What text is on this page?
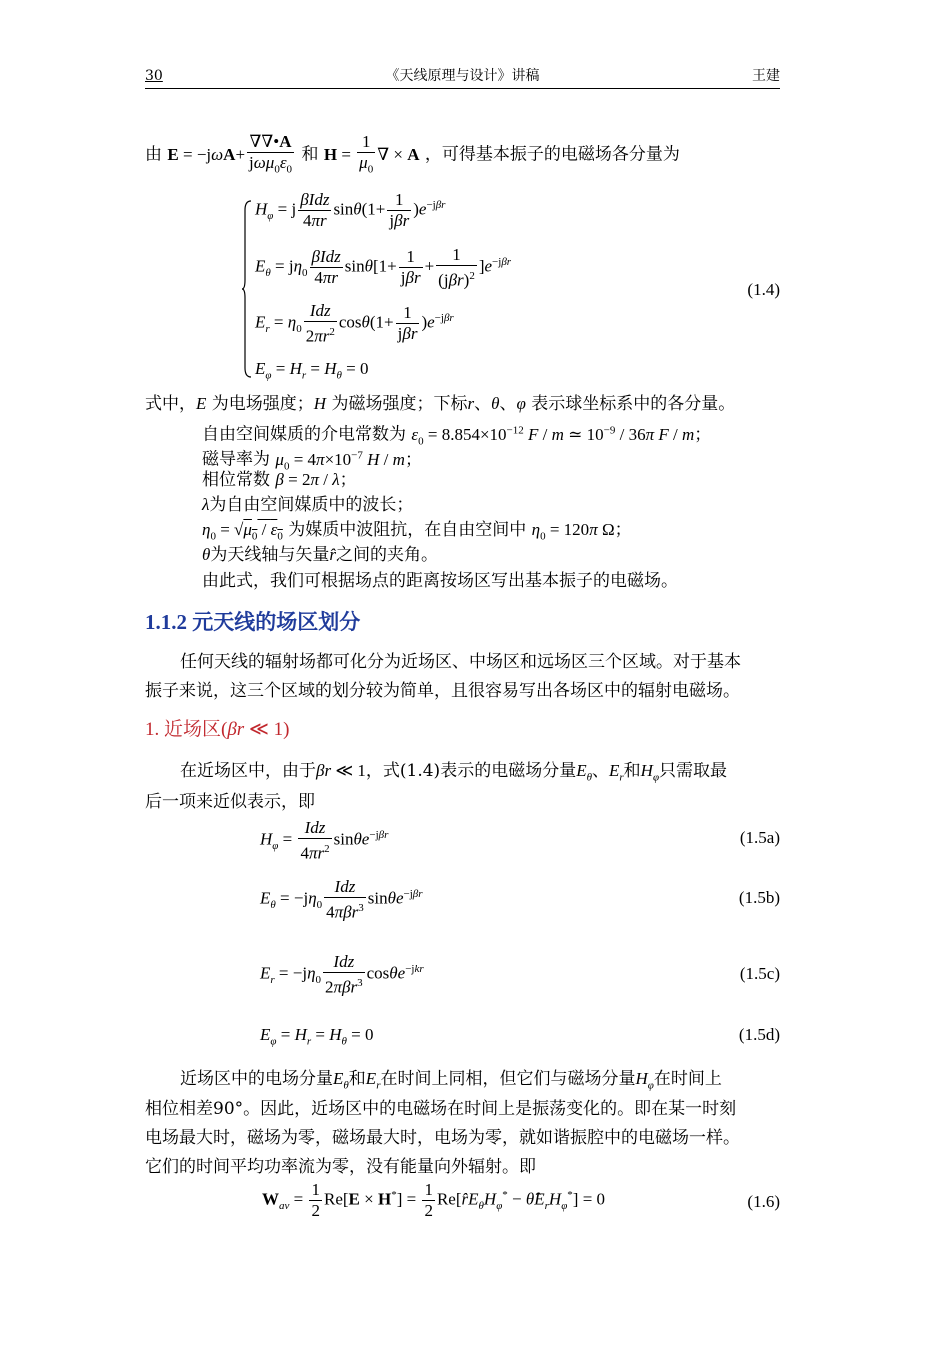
30	《天线原理与设计》讲稿	王建
由 $E = -j\omega A+ \frac{\nabla\nabla•A}{j\omega\mu_0\varepsilon_0}$ 和 $H = \frac{1}{\mu_0}$ ∇ × A ，可得基本振子的电磁场各分量为
$H_\varphi = j \frac{\text{βIdz}}{4\pi r} \sin\theta(1+ \frac{1}{\text{jβr}} )e^{-j\beta r}$
$E_\theta = j\eta_0 \frac{\text{βIdz}}{4\pi r} \sin\theta[1+ \frac{1}{\text{jβr}} + \frac{1}{(j\beta r)^2} ]e^{-j\beta r}$
(1.4)
$E_r = \eta_0 \frac{\text{Idz}}{2\pi r^2} \cos\theta(1+ \frac{1}{\text{jβr}} )e^{-j\beta r}$
$E_\varphi = H_r = H_\theta = 0$
式中，E 为电场强度；H 为磁场强度；下标r、θ、φ 表示球坐标系中的各分量。
自由空间媒质的介电常数为 $\varepsilon_0 = 8.854\times 10^{-12}$ F / m ≃ $10^{-9} / 36\pi$ F / m；
磁导率为 $\mu_0 = 4\pi\times 10^{-7}$ H / m；
相位常数 β = 2π / λ；
λ为自由空间媒质中的波长；
$\eta_0 = √\mu_0 / \varepsilon_0$ 为媒质中波阻抗，在自由空间中 $\eta_0 = 120\pi$ Ω；
θ为天线轴与矢量r̂之间的夹角。
由此式，我们可根据场点的距离按场区写出基本振子的电磁场。
1.1.2 元天线的场区划分
任何天线的辐射场都可化分为近场区、中场区和远场区三个区域。对于基本
振子来说，这三个区域的划分较为简单，且很容易写出各场区中的辐射电磁场。
1. 近场区(βr ≪ 1)
在近场区中，由于βr ≪ 1，式(1.4)表示的电磁场分量$E_\theta$、$E_r$和$H_\varphi$只需取最
后一项来近似表示，即
$H_\varphi = \frac{\text{Idz}}{4\pi r^2} \sin\theta e^{-j\beta r}$	(1.5a)
$E_\theta = -j\eta_0 \frac{\text{Idz}}{4\pi\beta r^3} \sin\theta e^{-j\beta r}$	(1.5b)
$E_r = -j\eta_0 \frac{\text{Idz}}{2\pi\beta r^3} \cos\theta e^{-jkr}$	(1.5c)
$E_\varphi = H_r = H_\theta = 0$	(1.5d)
近场区中的电场分量$E_\theta$和$E_r$在时间上同相，但它们与磁场分量$H_\varphi$在时间上
相位相差90°。因此，近场区中的电磁场在时间上是振荡变化的。即在某一时刻
电场最大时，磁场为零，磁场最大时，电场为零，就如谐振腔中的电磁场一样。
它们的时间平均功率流为零，没有能量向外辐射。即
$W_{av} = \frac{1}{2} Re[E \times H^*] = \frac{1}{2}$ $Re[r̂E_\theta H_\varphi^*$ − $\thetâE_rH_\varphi^*] = 0$	(1.6)
